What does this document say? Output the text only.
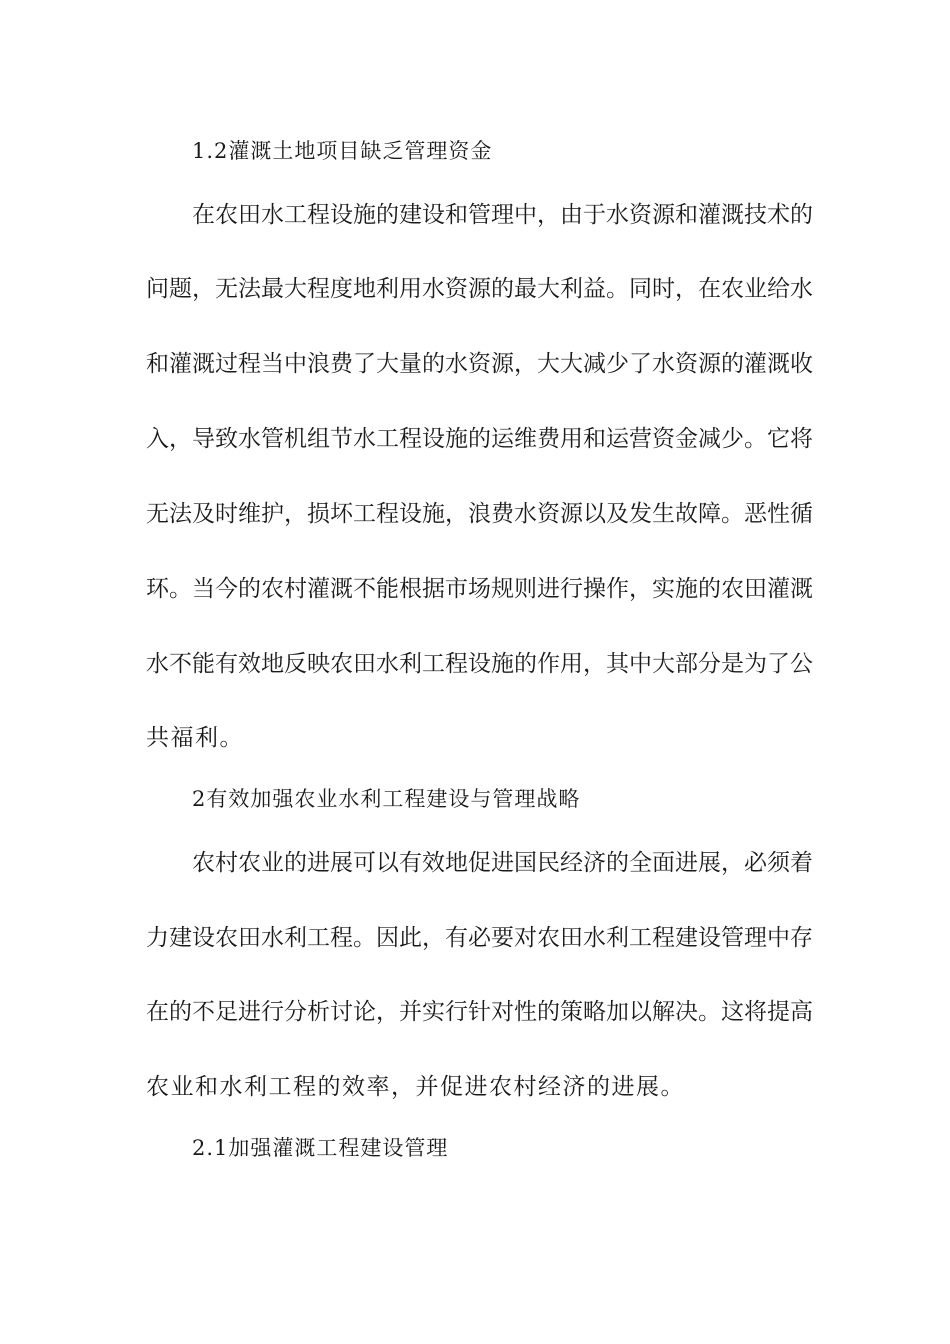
1.2灌溉土地项目缺乏管理资金
在农田水工程设施的建设和管理中，由于水资源和灌溉技术的
问题，无法最大程度地利用水资源的最大利益。同时，在农业给水
和灌溉过程当中浪费了大量的水资源，大大减少了水资源的灌溉收
入，导致水管机组节水工程设施的运维费用和运营资金减少。它将
无法及时维护，损坏工程设施，浪费水资源以及发生故障。恶性循
环。当今的农村灌溉不能根据市场规则进行操作，实施的农田灌溉
水不能有效地反映农田水利工程设施的作用，其中大部分是为了公
共福利。
2有效加强农业水利工程建设与管理战略
农村农业的进展可以有效地促进国民经济的全面进展，必须着
力建设农田水利工程。因此，有必要对农田水利工程建设管理中存
在的不足进行分析讨论，并实行针对性的策略加以解决。这将提高
农业和水利工程的效率，并促进农村经济的进展。
2.1加强灌溉工程建设管理
